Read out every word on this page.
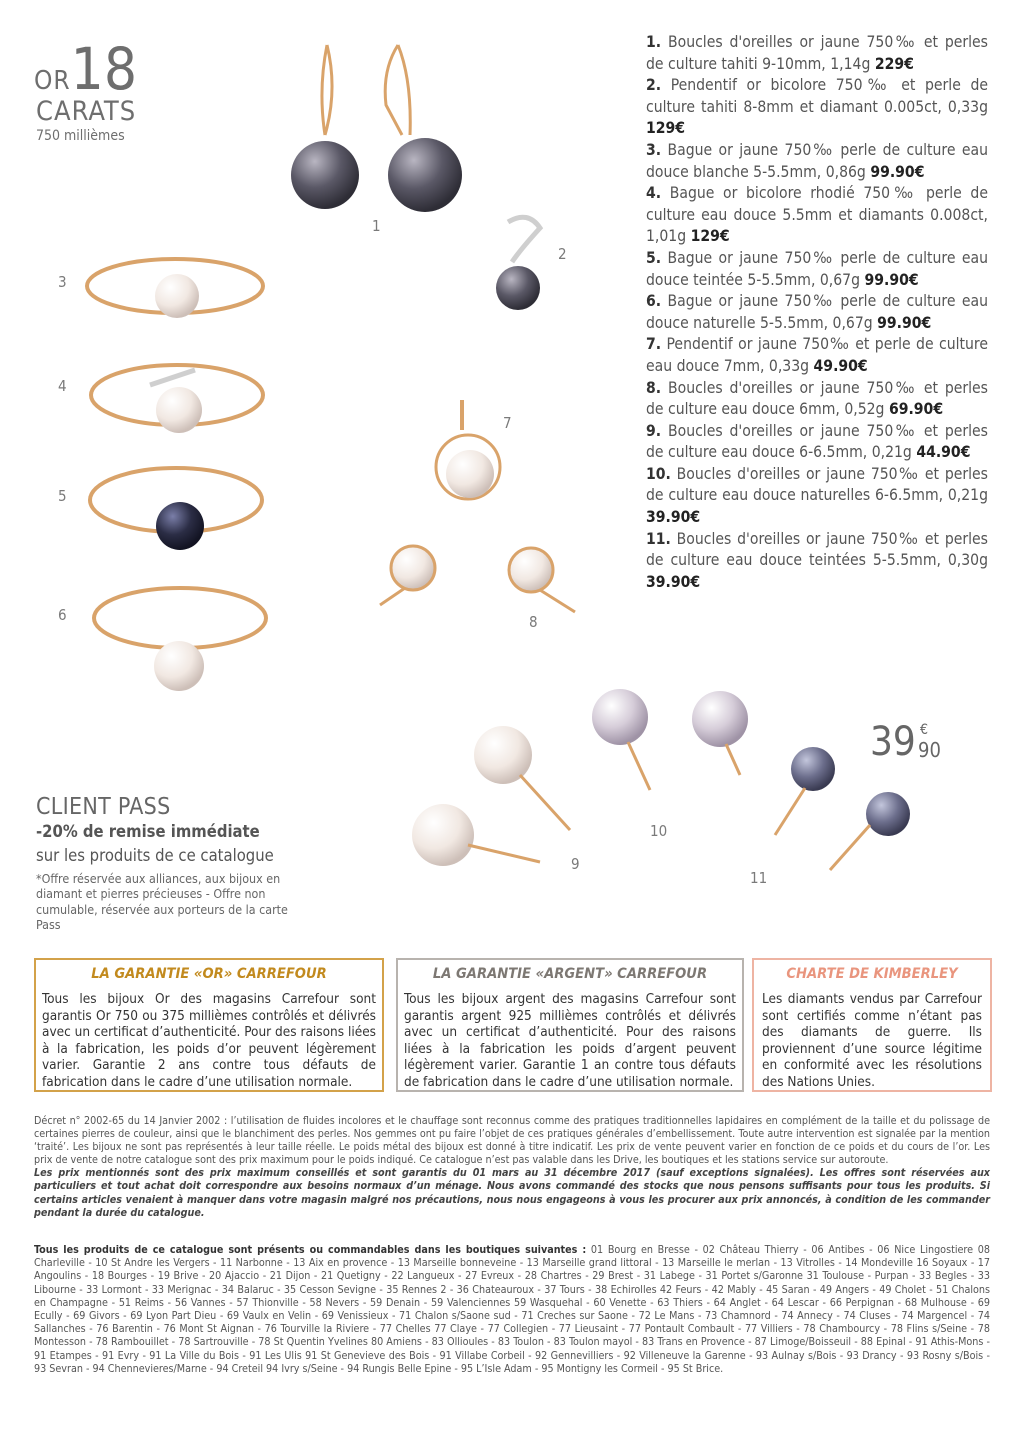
OR18
CARATS
750 millièmes

1. Boucles d'oreilles or jaune 750‰ et perles de culture tahiti 9-10mm, 1,14g 229€

2. Pendentif or bicolore 750‰ et perle de culture tahiti 8-8mm et diamant 0.005ct, 0,33g 129€

3. Bague or jaune 750‰ perle de culture eau douce blanche 5-5.5mm, 0,86g 99.90€

4. Bague or bicolore rhodié 750‰ perle de culture eau douce 5.5mm et diamants 0.008ct, 1,01g 129€

5. Bague or jaune 750‰ perle de culture eau douce teintée 5-5.5mm, 0,67g 99.90€

6. Bague or jaune 750‰ perle de culture eau douce naturelle 5-5.5mm, 0,67g 99.90€

7. Pendentif or jaune 750‰ et perle de culture eau douce 7mm, 0,33g 49.90€

8. Boucles d'oreilles or jaune 750‰ et perles de culture eau douce 6mm, 0,52g 69.90€

9. Boucles d'oreilles or jaune 750‰ et perles de culture eau douce 6-6.5mm, 0,21g 44.90€

10. Boucles d'oreilles or jaune 750‰ et perles de culture eau douce naturelles 6-6.5mm, 0,21g 39.90€

11. Boucles d'oreilles or jaune 750‰ et perles de culture eau douce teintées 5-5.5mm, 0,30g 39.90€

1
2
3
4
5
6
7
8
9
10
11
39 €
90
CLIENT PASS
-20% de remise immédiate
sur les produits de ce catalogue
*Offre réservée aux alliances, aux bijoux en diamant et pierres précieuses - Offre non cumulable, réservée aux porteurs de la carte Pass
LA GARANTIE «OR» CARREFOUR
Tous les bijoux Or des magasins Carrefour sont garantis Or 750 ou 375 millièmes contrôlés et délivrés avec un certificat d’authenticité. Pour des raisons liées à la fabrication, les poids d’or peuvent légèrement varier. Garantie 2 ans contre tous défauts de fabrication dans le cadre d’une utilisation normale.
LA GARANTIE «ARGENT» CARREFOUR
Tous les bijoux argent des magasins Carrefour sont garantis argent 925 millièmes contrôlés et délivrés avec un certificat d’authenticité. Pour des raisons liées à la fabrication les poids d’argent peuvent légèrement varier. Garantie 1 an contre tous défauts de fabrication dans le cadre d’une utilisation normale.
CHARTE DE KIMBERLEY
Les diamants vendus par Carrefour sont certifiés comme n’étant pas des diamants de guerre. Ils proviennent d’une source légitime en conformité avec les résolutions des Nations Unies.
Décret n° 2002-65 du 14 Janvier 2002 : l’utilisation de fluides incolores et le chauffage sont reconnus comme des pratiques traditionnelles lapidaires en complément de la taille et du polissage de certaines pierres de couleur, ainsi que le blanchiment des perles. Nos gemmes ont pu faire l’objet de ces pratiques générales d’embellissement. Toute autre intervention est signalée par la mention ‘traité’. Les bijoux ne sont pas représentés à leur taille réelle. Le poids métal des bijoux est donné à titre indicatif. Les prix de vente peuvent varier en fonction de ce poids et du cours de l’or. Les prix de vente de notre catalogue sont des prix maximum pour le poids indiqué. Ce catalogue n’est pas valable dans les Drive, les boutiques et les stations service sur autoroute.
Les prix mentionnés sont des prix maximum conseillés et sont garantis du 01 mars au 31 décembre 2017 (sauf exceptions signalées). Les offres sont réservées aux particuliers et tout achat doit correspondre aux besoins normaux d’un ménage. Nous avons commandé des stocks que nous pensons suffisants pour tous les produits. Si certains articles venaient à manquer dans votre magasin malgré nos précautions, nous nous engageons à vous les procurer aux prix annoncés, à condition de les commander pendant la durée du catalogue.
Tous les produits de ce catalogue sont présents ou commandables dans les boutiques suivantes : 01 Bourg en Bresse - 02 Château Thierry - 06 Antibes - 06 Nice Lingostiere 08 Charleville - 10 St Andre les Vergers - 11 Narbonne - 13 Aix en provence - 13 Marseille bonneveine - 13 Marseille grand littoral - 13 Marseille le merlan - 13 Vitrolles - 14 Mondeville 16 Soyaux - 17 Angoulins - 18 Bourges - 19 Brive - 20 Ajaccio - 21 Dijon - 21 Quetigny - 22 Langueux - 27 Evreux - 28 Chartres - 29 Brest - 31 Labege - 31 Portet s/Garonne 31 Toulouse - Purpan - 33 Begles - 33 Libourne - 33 Lormont - 33 Merignac - 34 Balaruc - 35 Cesson Sevigne - 35 Rennes 2 - 36 Chateauroux - 37 Tours - 38 Echirolles 42 Feurs - 42 Mably - 45 Saran - 49 Angers - 49 Cholet - 51 Chalons en Champagne - 51 Reims - 56 Vannes - 57 Thionville - 58 Nevers - 59 Denain - 59 Valenciennes 59 Wasquehal - 60 Venette - 63 Thiers - 64 Anglet - 64 Lescar - 66 Perpignan - 68 Mulhouse - 69 Ecully - 69 Givors - 69 Lyon Part Dieu - 69 Vaulx en Velin - 69 Venissieux - 71 Chalon s/Saone sud - 71 Creches sur Saone - 72 Le Mans - 73 Chamnord - 74 Annecy - 74 Cluses - 74 Margencel - 74 Sallanches - 76 Barentin - 76 Mont St Aignan - 76 Tourville la Riviere - 77 Chelles 77 Claye - 77 Collegien - 77 Lieusaint - 77 Pontault Combault - 77 Villiers - 78 Chambourcy - 78 Flins s/Seine - 78 Montesson - 78 Rambouillet - 78 Sartrouville - 78 St Quentin Yvelines 80 Amiens - 83 Ollioules - 83 Toulon - 83 Toulon mayol - 83 Trans en Provence - 87 Limoge/Boisseuil - 88 Epinal - 91 Athis-Mons - 91 Etampes - 91 Evry - 91 La Ville du Bois - 91 Les Ulis 91 St Genevieve des Bois - 91 Villabe Corbeil - 92 Gennevilliers - 92 Villeneuve la Garenne - 93 Aulnay s/Bois - 93 Drancy - 93 Rosny s/Bois - 93 Sevran - 94 Chennevieres/Marne - 94 Creteil 94 Ivry s/Seine - 94 Rungis Belle Epine - 95 L’Isle Adam - 95 Montigny les Cormeil - 95 St Brice.
